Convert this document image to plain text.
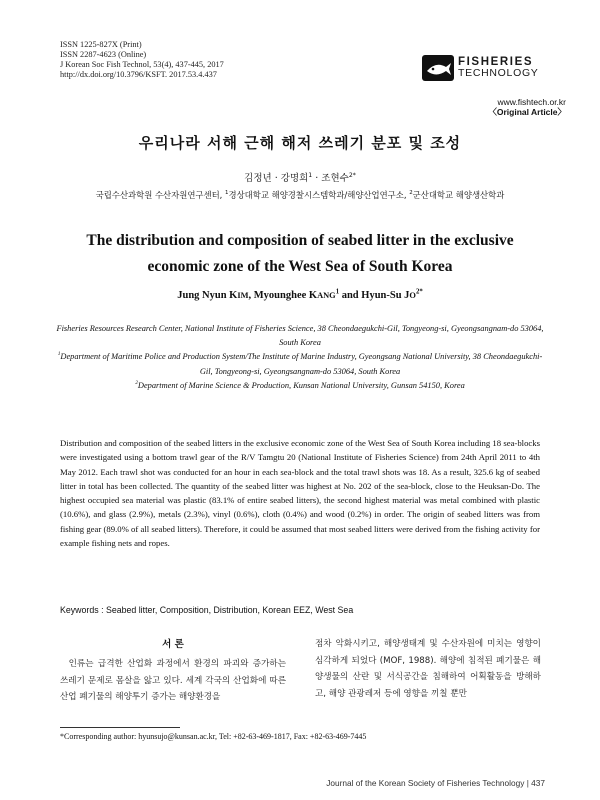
ISSN 1225-827X (Print)
ISSN 2287-4623 (Online)
J Korean Soc Fish Technol, 53(4), 437-445, 2017
http://dx.doi.org/10.3796/KSFT. 2017.53.4.437
FISHERIES
TECHNOLOGY
www.fishtech.or.kr
〈Original Article〉
우리나라 서해 근해 해저 쓰레기 분포 및 조성
김정년 · 강명희$^1$ · 조현수$^{2*}$
국립수산과학원 수산자원연구센터, $^1$경상대학교 해양경찰시스템학과/해양산업연구소, $^2$군산대학교 해양생산학과
The distribution and composition of seabed litter in the exclusive economic zone of the West Sea of South Korea
Jung Nyun KIM, Myounghee KANG$^1$ and Hyun-Su $JO^{2*}$

Fisheries Resources Research Center, National Institute of Fisheries Science, 38 Cheondaegukchi-Gil, Tongyeong-si, Gyeongsangnam-do 53064, South Korea

$^1$Department of Maritime Police and Production System/The Institute of Marine Industry, Gyeongsang National University, 38 Cheondaegukchi-Gil, Tongyeong-si, Gyeongsangnam-do 53064, South Korea

$^2$Department of Marine Science & Production, Kunsan National University, Gunsan 54150, Korea

Distribution and composition of the seabed litters in the exclusive economic zone of the West Sea of South Korea including 18 sea-blocks were investigated using a bottom trawl gear of the R/V Tamgtu 20 (National Institute of Fisheries Science) from 24th April 2011 to 4th May 2012. Each trawl shot was conducted for an hour in each sea-block and the total trawl shots was 18. As a result, 325.6 kg of seabed litter in total has been collected. The quantity of the seabed litter was highest at No. 202 of the sea-block, close to the Heuksan-Do. The highest occupied sea material was plastic (83.1% of entire seabed litters), the second highest material was metal combined with plastic (10.6%), and glass (2.9%), metals (2.3%), vinyl (0.6%), cloth (0.4%) and wood (0.2%) in order. The origin of seabed litters was from fishing gear (89.0% of all seabed litters). Therefore, it could be assumed that most seabed litters were derived from the fishing activity for example fishing nets and ropes.
Keywords : Seabed litter, Composition, Distribution, Korean EEZ, West Sea
서 론

인류는 급격한 산업화 과정에서 환경의 파괴와 증가하는 쓰레기 문제로 몸살을 앓고 있다. 세계 각국의 산업화에 따른 산업 폐기물의 해양투기 증가는 해양환경을

점차 악화시키고, 해양생태계 및 수산자원에 미치는 영향이 심각하게 되었다 (MOF, 1988). 해양에 침적된 폐기물은 해양생물의 산란 및 서식공간을 침해하여 어획활동을 방해하고, 해양 관광레저 등에 영향을 끼칠 뿐만

*Corresponding author: hyunsujo@kunsan.ac.kr, Tel: +82-63-469-1817, Fax: +82-63-469-7445
Journal of the Korean Society of Fisheries Technology | 437
